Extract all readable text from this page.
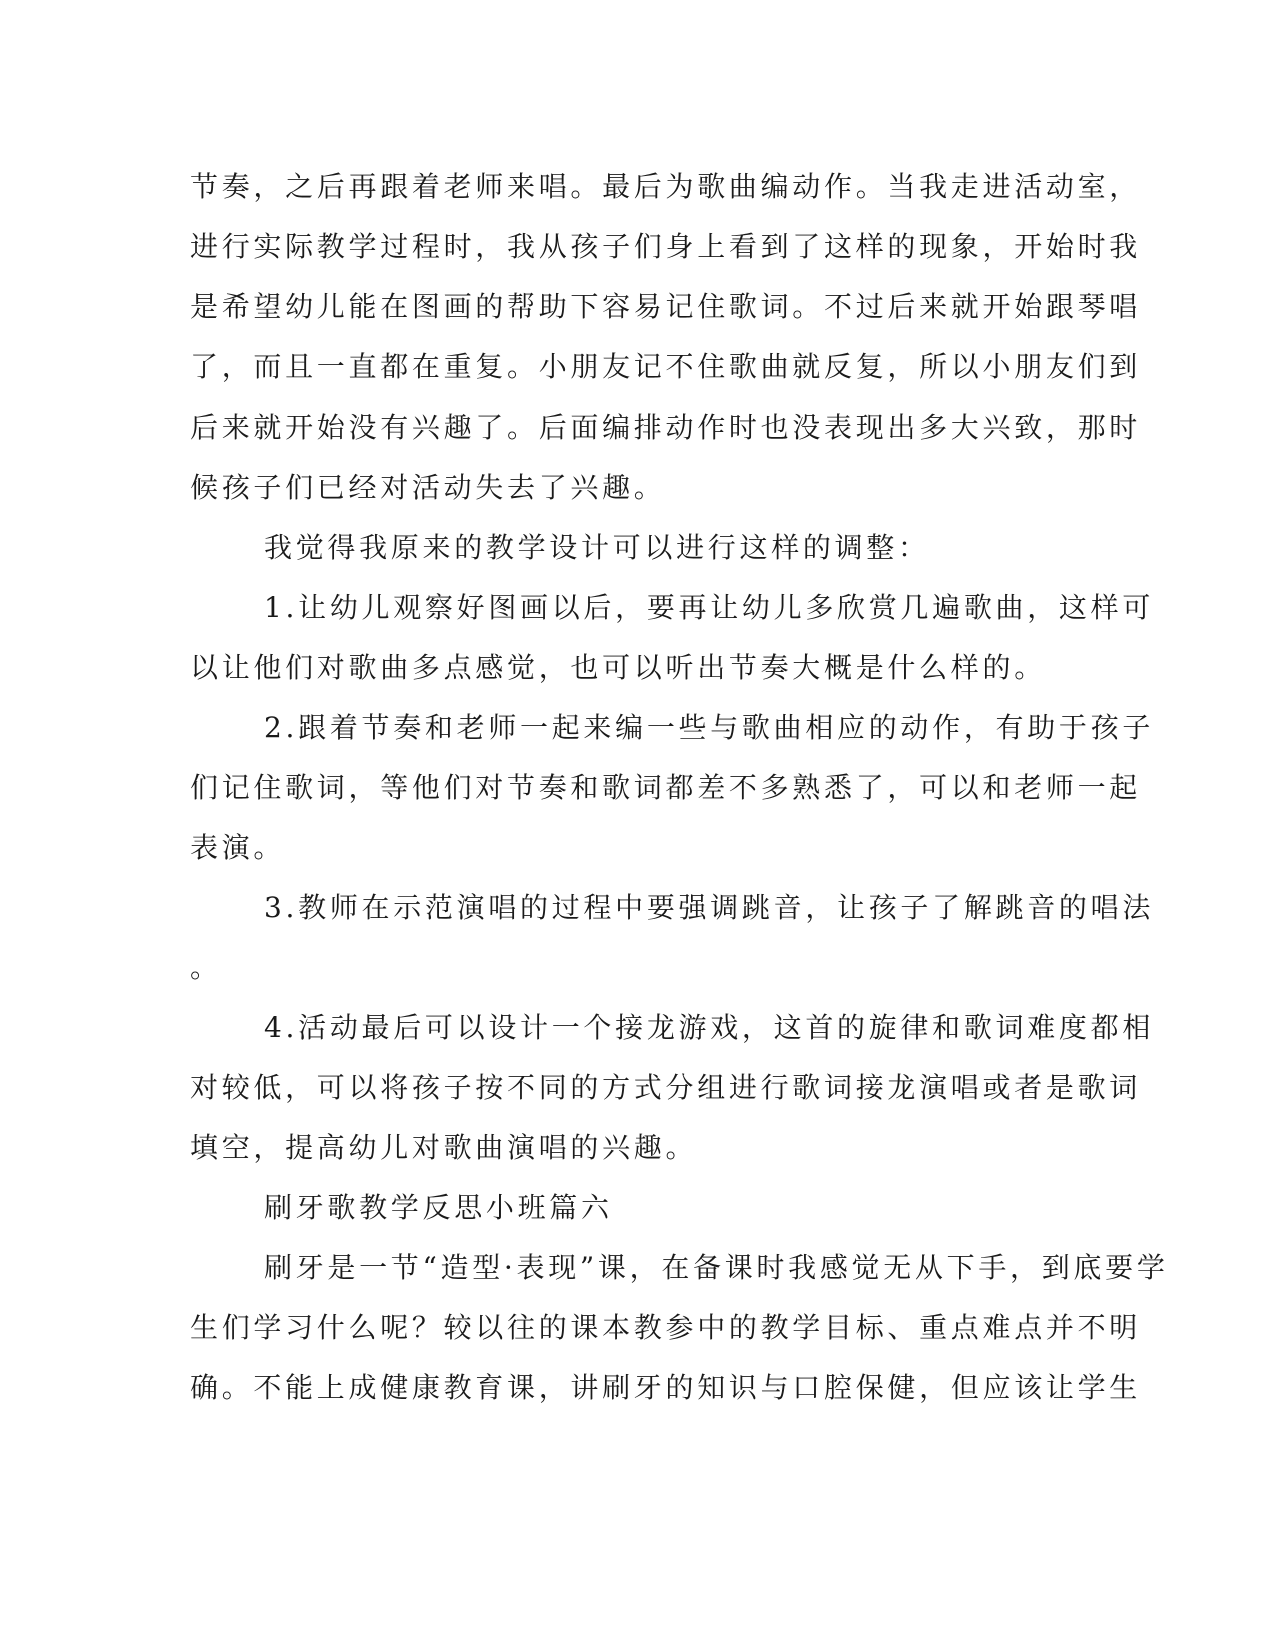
节奏，之后再跟着老师来唱。最后为歌曲编动作。当我走进活动室，
进行实际教学过程时，我从孩子们身上看到了这样的现象，开始时我
是希望幼儿能在图画的帮助下容易记住歌词。不过后来就开始跟琴唱
了，而且一直都在重复。小朋友记不住歌曲就反复，所以小朋友们到
后来就开始没有兴趣了。后面编排动作时也没表现出多大兴致，那时
候孩子们已经对活动失去了兴趣。
我觉得我原来的教学设计可以进行这样的调整：
1.让幼儿观察好图画以后，要再让幼儿多欣赏几遍歌曲，这样可
以让他们对歌曲多点感觉，也可以听出节奏大概是什么样的。
2.跟着节奏和老师一起来编一些与歌曲相应的动作，有助于孩子
们记住歌词，等他们对节奏和歌词都差不多熟悉了，可以和老师一起
表演。
3.教师在示范演唱的过程中要强调跳音，让孩子了解跳音的唱法
。
4.活动最后可以设计一个接龙游戏，这首的旋律和歌词难度都相
对较低，可以将孩子按不同的方式分组进行歌词接龙演唱或者是歌词
填空，提高幼儿对歌曲演唱的兴趣。
刷牙歌教学反思小班篇六
刷牙是一节“造型·表现”课，在备课时我感觉无从下手，到底要学
生们学习什么呢？较以往的课本教参中的教学目标、重点难点并不明
确。不能上成健康教育课，讲刷牙的知识与口腔保健，但应该让学生
